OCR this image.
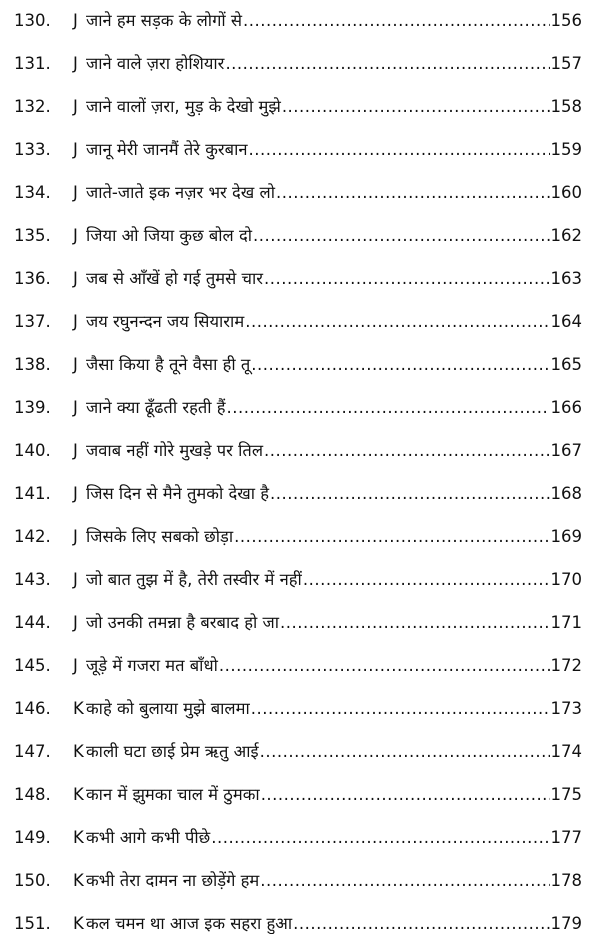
130.	J जाने हम सड़क के लोगों से .....	156
131.	J जाने वाले ज़रा होशियार .....	157
132.	J जाने वालों ज़रा, मुड़ के देखो मुझे .....	158
133.	J जानू मेरी जानमैं तेरे कुरबान .....	159
134.	J जाते-जाते इक नज़र भर देख लो .....	160
135.	J जिया ओ जिया कुछ बोल दो .....	162
136.	J जब से आँखें हो गई तुमसे चार .....	163
137.	J जय रघुनन्दन जय सियाराम .....	164
138.	J जैसा किया है तूने वैसा ही तू .....	165
139.	J जाने क्या ढूँढती रहती हैं .....	166
140.	J जवाब नहीं गोरे मुखड़े पर तिल .....	167
141.	J जिस दिन से मैने तुमको देखा है .....	168
142.	J जिसके लिए सबको छोड़ा .....	169
143.	J जो बात तुझ में है, तेरी तस्वीर में नहीं .....	170
144.	J जो उनकी तमन्ना है बरबाद हो जा .....	171
145.	J जूड़े में गजरा मत बाँधो .....	172
146.	K काहे को बुलाया मुझे बालमा .....	173
147.	K काली घटा छाई प्रेम ऋतु आई .....	174
148.	K कान में झुमका चाल में ठुमका .....	175
149.	K कभी आगे कभी पीछे .....	177
150.	K कभी तेरा दामन ना छोड़ेंगे हम .....	178
151.	K कल चमन था आज इक सहरा हुआ .....	179
